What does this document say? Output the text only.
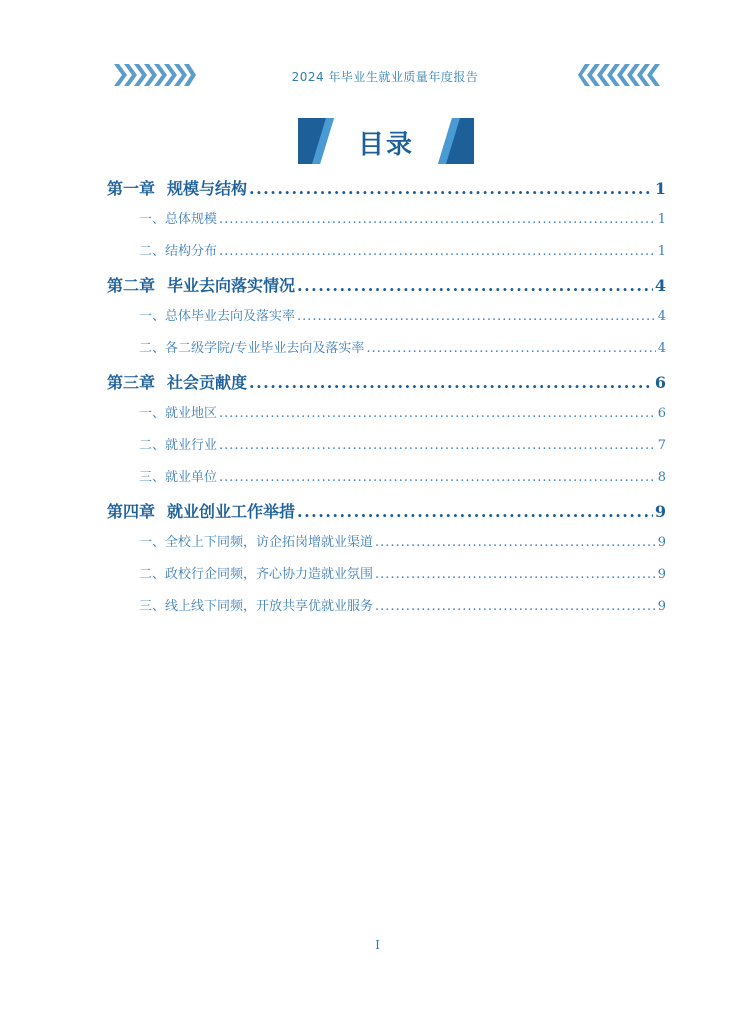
2024 年毕业生就业质量年度报告
目录
第一章 规模与结构 .....	1
一、总体规模 .....	1
二、结构分布 .....	1
第二章 毕业去向落实情况 .....	4
一、总体毕业去向及落实率 .....	4
二、各二级学院/专业毕业去向及落实率 .....	4
第三章 社会贡献度 .....	6
一、就业地区 .....	6
二、就业行业 .....	7
三、就业单位 .....	8
第四章 就业创业工作举措 .....	9
一、全校上下同频，访企拓岗增就业渠道 .....	9
二、政校行企同频，齐心协力造就业氛围 .....	9
三、线上线下同频，开放共享优就业服务 .....	9
I
